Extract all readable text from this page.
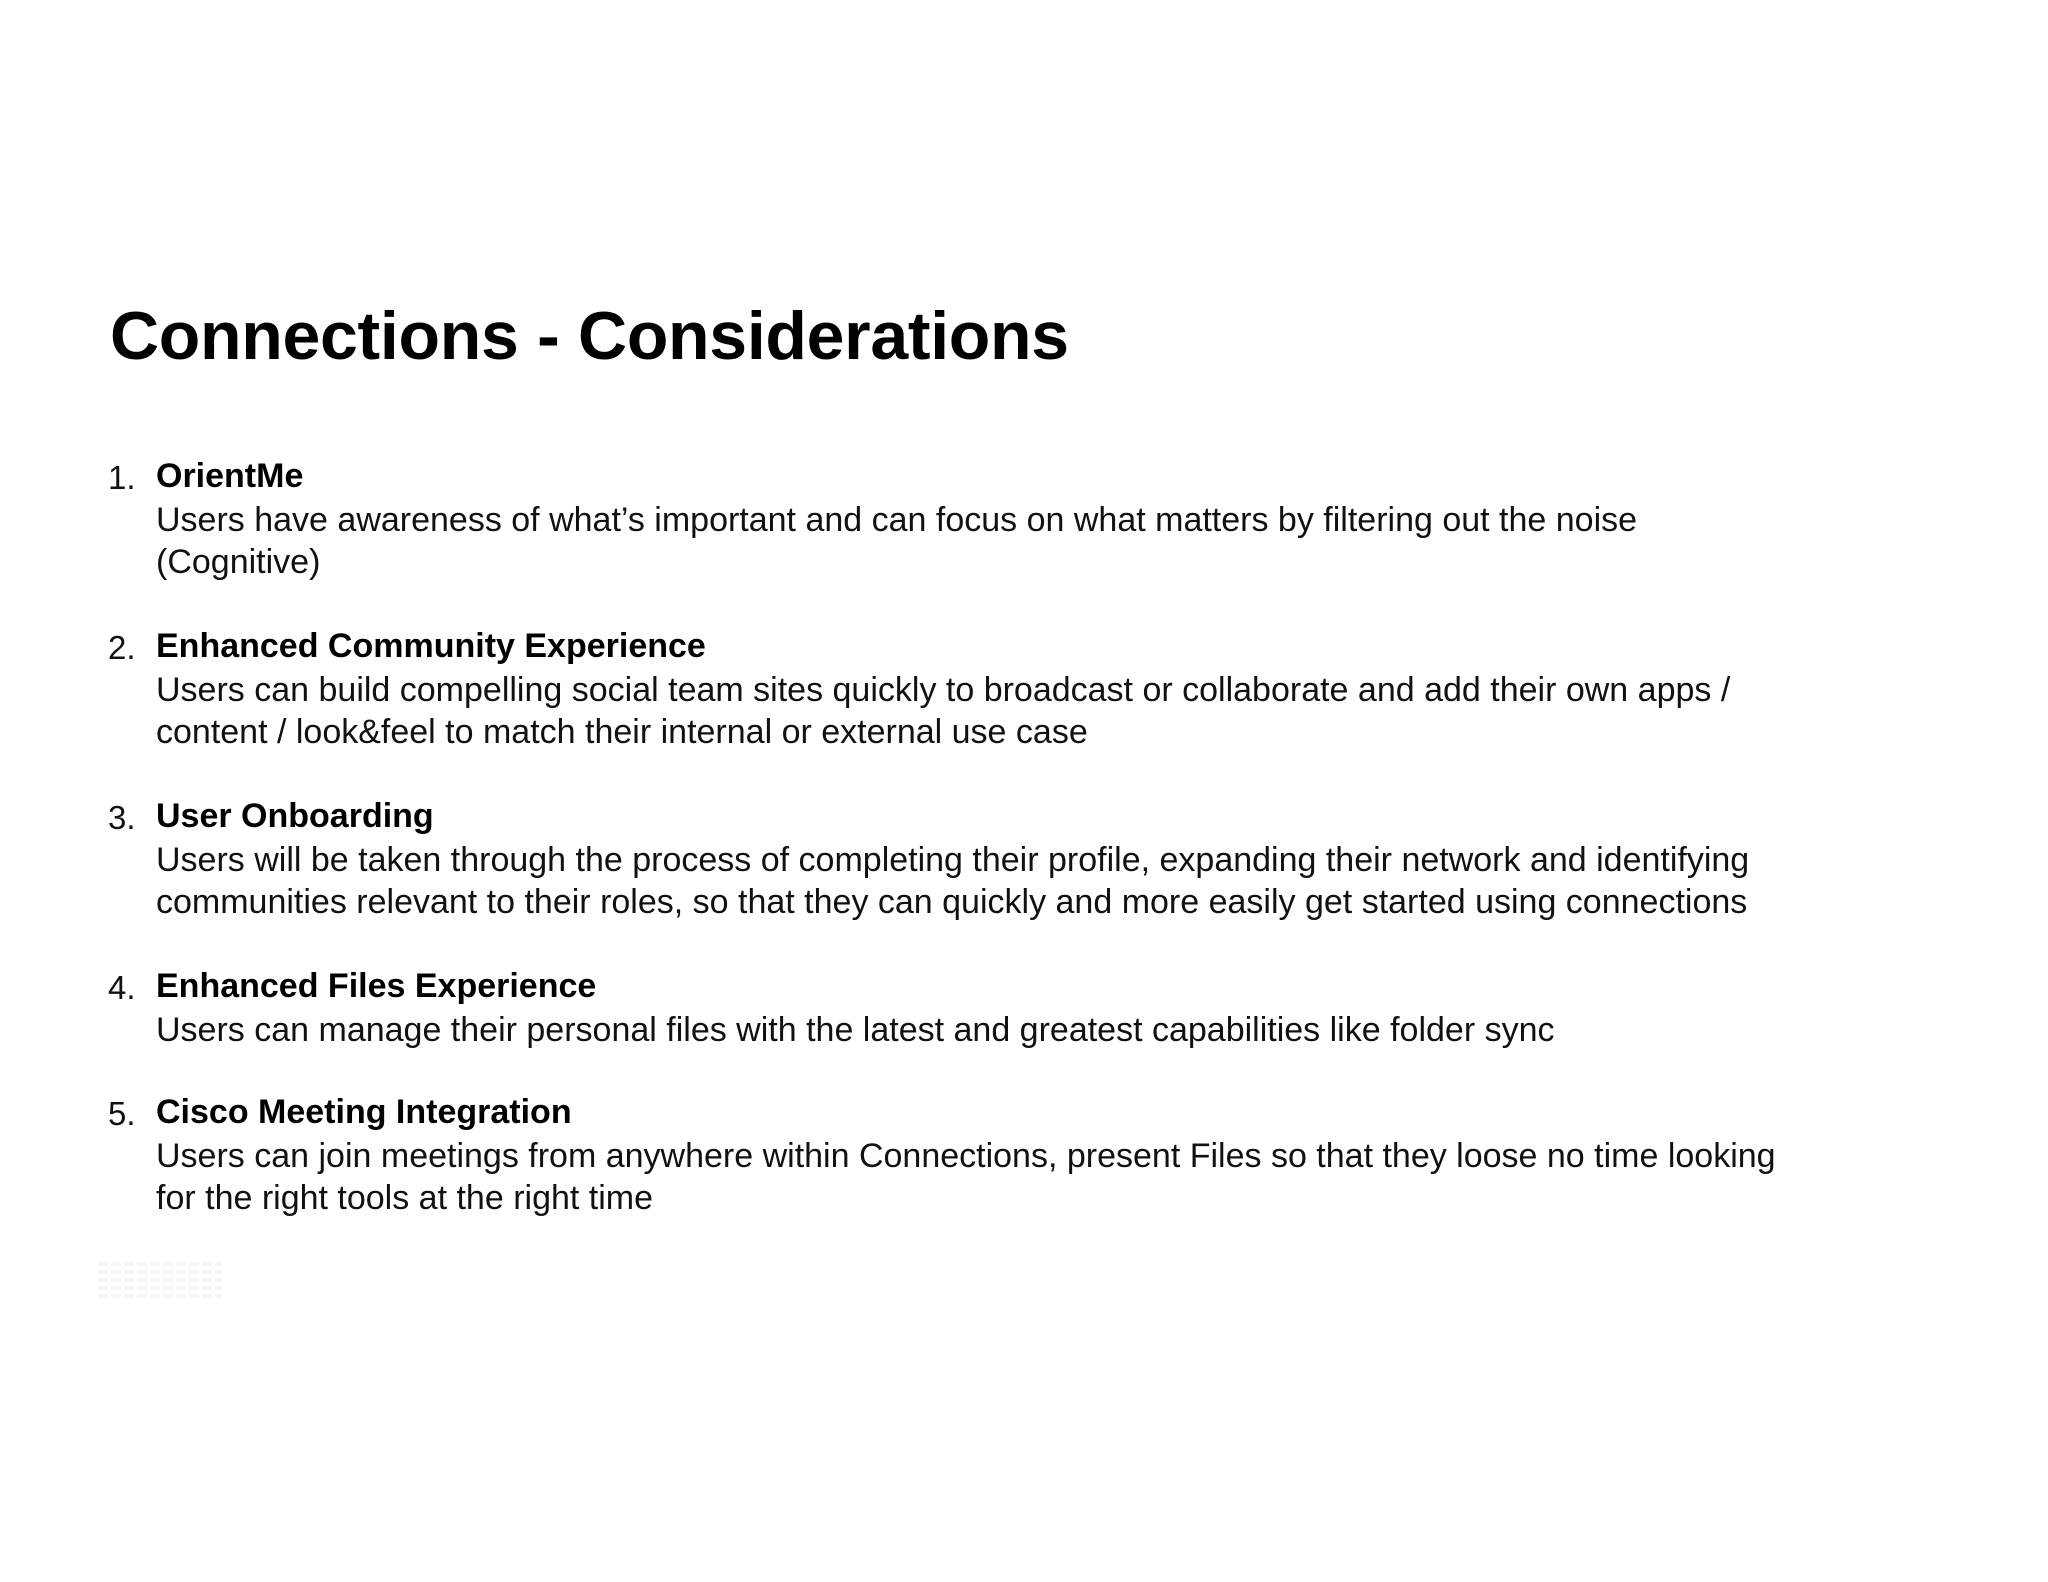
Connections - Considerations
1. OrientMe
Users have awareness of what’s important and can focus on what matters by filtering out the noise
(Cognitive)
2. Enhanced Community Experience
Users can build compelling social team sites quickly to broadcast or collaborate and add their own apps /
content / look&feel to match their internal or external use case
3. User Onboarding
Users will be taken through the process of completing their profile, expanding their network and identifying
communities relevant to their roles, so that they can quickly and more easily get started using connections
4. Enhanced Files Experience
Users can manage their personal files with the latest and greatest capabilities like folder sync
5. Cisco Meeting Integration
Users can join meetings from anywhere within Connections, present Files so that they loose no time looking
for the right tools at the right time
